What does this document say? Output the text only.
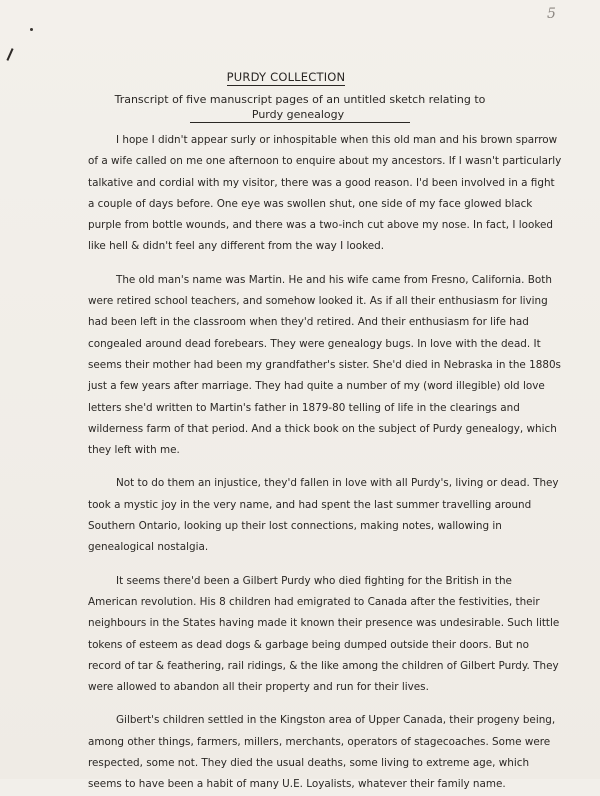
5
PURDY COLLECTION
Transcript of five manuscript pages of an untitled sketch relating to
Purdy genealogy

I hope I didn't appear surly or inhospitable when this old man and his brown sparrow of a wife called on me one afternoon to enquire about my ancestors. If I wasn't particularly talkative and cordial with my visitor, there was a good reason. I'd been involved in a fight a couple of days before. One eye was swollen shut, one side of my face glowed black purple from bottle wounds, and there was a two-inch cut above my nose. In fact, I looked like hell & didn't feel any different from the way I looked.

The old man's name was Martin. He and his wife came from Fresno, California. Both were retired school teachers, and somehow looked it. As if all their enthusiasm for living had been left in the classroom when they'd retired. And their enthusiasm for life had congealed around dead forebears. They were genealogy bugs. In love with the dead. It seems their mother had been my grandfather's sister. She'd died in Nebraska in the 1880s just a few years after marriage. They had quite a number of my (word illegible) old love letters she'd written to Martin's father in 1879-80 telling of life in the clearings and wilderness farm of that period. And a thick book on the subject of Purdy genealogy, which they left with me.

Not to do them an injustice, they'd fallen in love with all Purdy's, living or dead. They took a mystic joy in the very name, and had spent the last summer travelling around Southern Ontario, looking up their lost connections, making notes, wallowing in genealogical nostalgia.

It seems there'd been a Gilbert Purdy who died fighting for the British in the American revolution. His 8 children had emigrated to Canada after the festivities, their neighbours in the States having made it known their presence was undesirable. Such little tokens of esteem as dead dogs & garbage being dumped outside their doors. But no record of tar & feathering, rail ridings, & the like among the children of Gilbert Purdy. They were allowed to abandon all their property and run for their lives.

Gilbert's children settled in the Kingston area of Upper Canada, their progeny being, among other things, farmers, millers, merchants, operators of stagecoaches. Some were respected, some not. They died the usual deaths, some living to extreme age, which seems to have been a habit of many U.E. Loyalists, whatever their family name.
